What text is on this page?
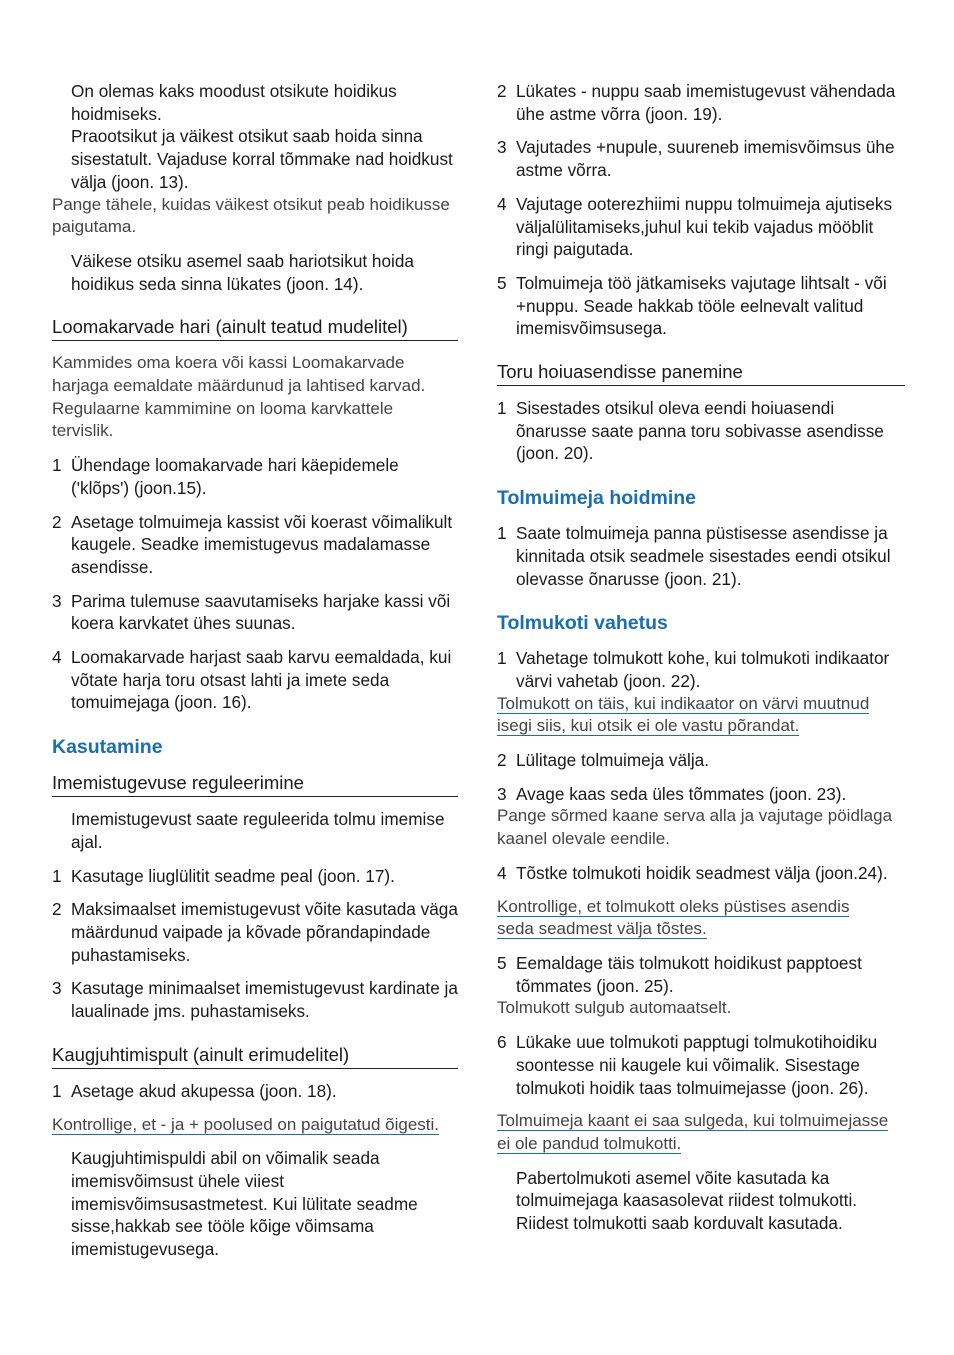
On olemas kaks moodust otsikute hoidikus hoidmiseks.

Praootsikut ja väikest otsikut saab hoida sinna sisestatult. Vajaduse korral tõmmake nad hoidkust välja (joon. 13).

Pange tähele, kuidas väikest otsikut peab hoidikusse paigutama.

Väikese otsiku asemel saab hariotsikut hoida hoidikus seda sinna lükates (joon. 14).

Loomakarvade hari (ainult teatud mudelitel)

Kammides oma koera või kassi Loomakarvade harjaga eemaldate määrdunud ja lahtised karvad. Regulaarne kammimine on looma karvkattele tervislik.

1 Ühendage loomakarvade hari käepidemele ('klõps') (joon.15).
2 Asetage tolmuimeja kassist või koerast võimalikult kaugele. Seadke imemistugevus madalamasse asendisse.
3 Parima tulemuse saavutamiseks harjake kassi või koera karvkatet ühes suunas.
4 Loomakarvade harjast saab karvu eemaldada, kui võtate harja toru otsast lahti ja imete seda tomuimejaga (joon. 16).

Kasutamine

Imemistugevuse reguleerimine

Imemistugevust saate reguleerida tolmu imemise ajal.

1 Kasutage liuglülitit seadme peal (joon. 17).
2 Maksimaalset imemistugevust võite kasutada väga määrdunud vaipade ja kõvade põrandapindade puhastamiseks.
3 Kasutage minimaalset imemistugevust kardinate ja laualinade jms. puhastamiseks.

Kaugjuhtimispult (ainult erimudelitel)

1 Asetage akud akupessa (joon. 18).

Kontrollige, et - ja + poolused on paigutatud õigesti.

Kaugjuhtimispuldi abil on võimalik seada imemisvõimsust ühele viiest imemisvõimsusastmetest. Kui lülitate seadme sisse,hakkab see tööle kõige võimsama imemistugevusega.

2 Lükates - nuppu saab imemistugevust vähendada ühe astme võrra (joon. 19).
3 Vajutades +nupule, suureneb imemisvõimsus ühe astme võrra.
4 Vajutage ooterezhiimi nuppu tolmuimeja ajutiseks väljalülitamiseks,juhul kui tekib vajadus mööblit ringi paigutada.
5 Tolmuimeja töö jätkamiseks vajutage lihtsalt - või +nuppu. Seade hakkab tööle eelnevalt valitud imemisvõimsusega.

Toru hoiuasendisse panemine

1 Sisestades otsikul oleva eendi hoiuasendi õnarusse saate panna toru sobivasse asendisse (joon. 20).

Tolmuimeja hoidmine

1 Saate tolmuimeja panna püstisesse asendisse ja kinnitada otsik seadmele sisestades eendi otsikul olevasse õnarusse (joon. 21).

Tolmukoti vahetus

1 Vahetage tolmukott kohe, kui tolmukoti indikaator värvi vahetab (joon. 22).

Tolmukott on täis, kui indikaator on värvi muutnud
isegi siis, kui otsik ei ole vastu põrandat.

2 Lülitage tolmuimeja välja.
3 Avage kaas seda üles tõmmates (joon. 23).

Pange sõrmed kaane serva alla ja vajutage pöidlaga kaanel olevale eendile.

4 Tõstke tolmukoti hoidik seadmest välja (joon.24).

Kontrollige, et tolmukott oleks püstises asendis
seda seadmest välja tõstes.

5 Eemaldage täis tolmukott hoidikust papptoest tõmmates (joon. 25).

Tolmukott sulgub automaatselt.

6 Lükake uue tolmukoti papptugi tolmukotihoidiku soontesse nii kaugele kui võimalik. Sisestage tolmukoti hoidik taas tolmuimejasse (joon. 26).

Tolmuimeja kaant ei saa sulgeda, kui tolmuimejasse
ei ole pandud tolmukotti.

Pabertolmukoti asemel võite kasutada ka tolmuimejaga kaasasolevat riidest tolmukotti. Riidest tolmukotti saab korduvalt kasutada.
